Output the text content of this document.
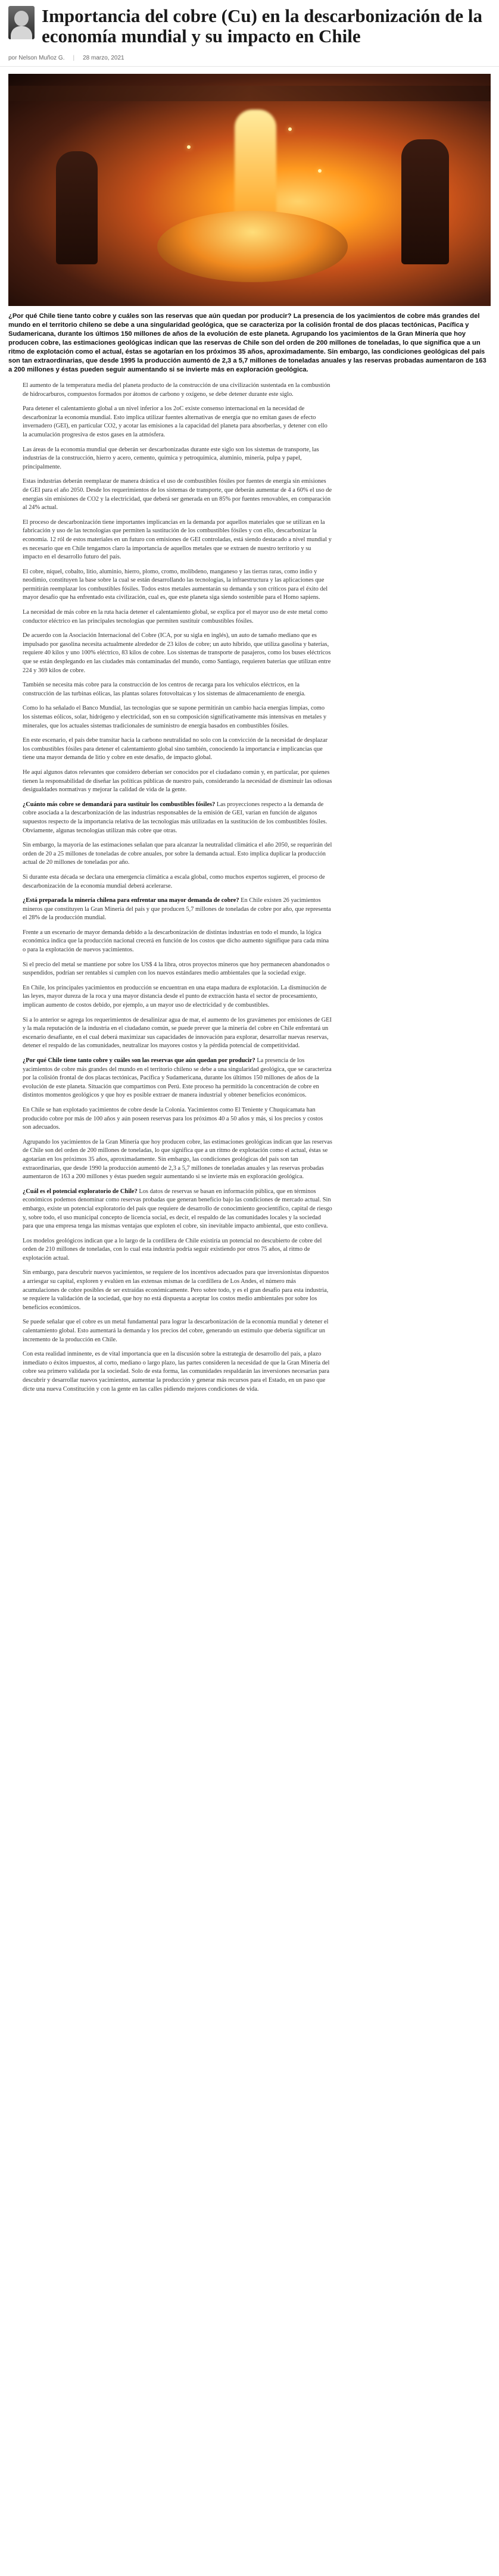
Importancia del cobre (Cu) en la descarbonización de la economía mundial y su impacto en Chile
por Nelson Muñoz G. | 28 marzo, 2021
¿Por qué Chile tiene tanto cobre y cuáles son las reservas que aún quedan por producir? La presencia de los yacimientos de cobre más grandes del mundo en el territorio chileno se debe a una singularidad geológica, que se caracteriza por la colisión frontal de dos placas tectónicas, Pacífica y Sudamericana, durante los últimos 150 millones de años de la evolución de este planeta. Agrupando los yacimientos de la Gran Minería que hoy producen cobre, las estimaciones geológicas indican que las reservas de Chile son del orden de 200 millones de toneladas, lo que significa que a un ritmo de explotación como el actual, éstas se agotarían en los próximos 35 años, aproximadamente. Sin embargo, las condiciones geológicas del país son tan extraordinarias, que desde 1995 la producción aumentó de 2,3 a 5,7 millones de toneladas anuales y las reservas probadas aumentaron de 163 a 200 millones y éstas pueden seguir aumentando si se invierte más en exploración geológica.

El aumento de la temperatura media del planeta producto de la construcción de una civilización sustentada en la combustión de hidrocarburos, compuestos formados por átomos de carbono y oxígeno, se debe detener durante este siglo.

Para detener el calentamiento global a un nivel inferior a los 2oC existe consenso internacional en la necesidad de descarbonizar la economía mundial. Esto implica utilizar fuentes alternativas de energía que no emitan gases de efecto invernadero (GEI), en particular CO2, y acotar las emisiones a la capacidad del planeta para absorberlas, y detener con ello la acumulación progresiva de estos gases en la atmósfera.

Las áreas de la economía mundial que deberán ser descarbonizadas durante este siglo son los sistemas de transporte, las industrias de la construcción, hierro y acero, cemento, química y petroquímica, aluminio, minería, pulpa y papel, principalmente.

Estas industrias deberán reemplazar de manera drástica el uso de combustibles fósiles por fuentes de energía sin emisiones de GEI para el año 2050. Desde los requerimientos de los sistemas de transporte, que deberán aumentar de 4 a 60% el uso de energías sin emisiones de CO2 y la electricidad, que deberá ser generada en un 85% por fuentes renovables, en comparación al 24% actual.

El proceso de descarbonización tiene importantes implicancias en la demanda por aquellos materiales que se utilizan en la fabricación y uso de las tecnologías que permiten la sustitución de los combustibles fósiles y con ello, descarbonizar la economía. 12 ról de estos materiales en un futuro con emisiones de GEI controladas, está siendo destacado a nivel mundial y es necesario que en Chile tengamos claro la importancia de aquellos metales que se extraen de nuestro territorio y su impacto en el desarrollo futuro del país.

El cobre, níquel, cobalto, litio, aluminio, hierro, plomo, cromo, molibdeno, manganeso y las tierras raras, como indio y neodimio, constituyen la base sobre la cual se están desarrollando las tecnologías, la infraestructura y las aplicaciones que permitirán reemplazar los combustibles fósiles. Todos estos metales aumentarán su demanda y son críticos para el éxito del mayor desafío que ha enfrentado esta civilización, cual es, que este planeta siga siendo sostenible para el Homo sapiens.

La necesidad de más cobre en la ruta hacia detener el calentamiento global, se explica por el mayor uso de este metal como conductor eléctrico en las principales tecnologías que permiten sustituir combustibles fósiles.

De acuerdo con la Asociación Internacional del Cobre (ICA, por su sigla en inglés), un auto de tamaño mediano que es impulsado por gasolina necesita actualmente alrededor de 23 kilos de cobre; un auto híbrido, que utiliza gasolina y baterías, requiere 40 kilos y uno 100% eléctrico, 83 kilos de cobre. Los sistemas de transporte de pasajeros, como los buses eléctricos que se están desplegando en las ciudades más contaminadas del mundo, como Santiago, requieren baterías que utilizan entre 224 y 369 kilos de cobre.

También se necesita más cobre para la construcción de los centros de recarga para los vehículos eléctricos, en la construcción de las turbinas eólicas, las plantas solares fotovoltaicas y los sistemas de almacenamiento de energía.

Como lo ha señalado el Banco Mundial, las tecnologías que se supone permitirán un cambio hacia energías limpias, como los sistemas eólicos, solar, hidrógeno y electricidad, son en su composición significativamente más intensivas en metales y minerales, que los actuales sistemas tradicionales de suministro de energía basados en combustibles fósiles.

En este escenario, el país debe transitar hacia la carbono neutralidad no solo con la convicción de la necesidad de desplazar los combustibles fósiles para detener el calentamiento global sino también, conociendo la importancia e implicancias que tiene una mayor demanda de litio y cobre en este desafío, de impacto global.

He aquí algunos datos relevantes que considero deberían ser conocidos por el ciudadano común y, en particular, por quienes tienen la responsabilidad de diseñar las políticas públicas de nuestro país, considerando la necesidad de disminuir las odiosas desigualdades normativas y mejorar la calidad de vida de la gente.

¿Cuánto más cobre se demandará para sustituir los combustibles fósiles? Las proyecciones respecto a la demanda de cobre asociada a la descarbonización de las industrias responsables de la emisión de GEI, varían en función de algunos supuestos respecto de la importancia relativa de las tecnologías más utilizadas en la sustitución de los combustibles fósiles. Obviamente, algunas tecnologías utilizan más cobre que otras.

Sin embargo, la mayoría de las estimaciones señalan que para alcanzar la neutralidad climática el año 2050, se requerirán del orden de 20 a 25 millones de toneladas de cobre anuales, por sobre la demanda actual. Esto implica duplicar la producción actual de 20 millones de toneladas por año.

Si durante esta década se declara una emergencia climática a escala global, como muchos expertos sugieren, el proceso de descarbonización de la economía mundial deberá acelerarse.

¿Está preparada la minería chilena para enfrentar una mayor demanda de cobre? En Chile existen 26 yacimientos mineros que constituyen la Gran Minería del país y que producen 5,7 millones de toneladas de cobre por año, que representa el 28% de la producción mundial.

Frente a un escenario de mayor demanda debido a la descarbonización de distintas industrias en todo el mundo, la lógica económica indica que la producción nacional crecerá en función de los costos que dicho aumento signifique para cada mina o para la explotación de nuevos yacimientos.

Si el precio del metal se mantiene por sobre los US$ 4 la libra, otros proyectos mineros que hoy permanecen abandonados o suspendidos, podrían ser rentables si cumplen con los nuevos estándares medio ambientales que la sociedad exige.

En Chile, los principales yacimientos en producción se encuentran en una etapa madura de explotación. La disminución de las leyes, mayor dureza de la roca y una mayor distancia desde el punto de extracción hasta el sector de procesamiento, implican aumento de costos debido, por ejemplo, a un mayor uso de electricidad y de combustibles.

Si a lo anterior se agrega los requerimientos de desalinizar agua de mar, el aumento de los gravámenes por emisiones de GEI y la mala reputación de la industria en el ciudadano común, se puede prever que la minería del cobre en Chile enfrentará un escenario desafiante, en el cual deberá maximizar sus capacidades de innovación para explorar, desarrollar nuevas reservas, detener el respaldo de las comunidades, neutralizar los mayores costos y la pérdida potencial de competitividad.

¿Por qué Chile tiene tanto cobre y cuáles son las reservas que aún quedan por producir? La presencia de los yacimientos de cobre más grandes del mundo en el territorio chileno se debe a una singularidad geológica, que se caracteriza por la colisión frontal de dos placas tectónicas, Pacífica y Sudamericana, durante los últimos 150 millones de años de la evolución de este planeta. Situación que compartimos con Perú. Este proceso ha permitido la concentración de cobre en distintos momentos geológicos y que hoy es posible extraer de manera industrial y obtener beneficios económicos.

En Chile se han explotado yacimientos de cobre desde la Colonia. Yacimientos como El Teniente y Chuquicamata han producido cobre por más de 100 años y aún poseen reservas para los próximos 40 a 50 años y más, si los precios y costos son adecuados.

Agrupando los yacimientos de la Gran Minería que hoy producen cobre, las estimaciones geológicas indican que las reservas de Chile son del orden de 200 millones de toneladas, lo que significa que a un ritmo de explotación como el actual, éstas se agotarían en los próximos 35 años, aproximadamente. Sin embargo, las condiciones geológicas del país son tan extraordinarias, que desde 1990 la producción aumentó de 2,3 a 5,7 millones de toneladas anuales y las reservas probadas aumentaron de 163 a 200 millones y éstas pueden seguir aumentando si se invierte más en exploración geológica.

¿Cuál es el potencial exploratorio de Chile? Los datos de reservas se basan en información pública, que en términos económicos podemos denominar como reservas probadas que generan beneficio bajo las condiciones de mercado actual. Sin embargo, existe un potencial exploratorio del país que requiere de desarrollo de conocimiento geocientífico, capital de riesgo y, sobre todo, el uso municipal concepto de licencia social, es decir, el respaldo de las comunidades locales y la sociedad para que una empresa tenga las mismas ventajas que exploten el cobre, sin inevitable impacto ambiental, que esto conlleva.

Los modelos geológicos indican que a lo largo de la cordillera de Chile existiría un potencial no descubierto de cobre del orden de 210 millones de toneladas, con lo cual esta industria podría seguir existiendo por otros 75 años, al ritmo de explotación actual.

Sin embargo, para descubrir nuevos yacimientos, se requiere de los incentivos adecuados para que inversionistas dispuestos a arriesgar su capital, exploren y evalúen en las extensas mismas de la cordillera de Los Andes, el número más acumulaciones de cobre posibles de ser extraídas económicamente. Pero sobre todo, y es el gran desafío para esta industria, se requiere la validación de la sociedad, que hoy no está dispuesta a aceptar los costos medio ambientales por sobre los beneficios económicos.

Se puede señalar que el cobre es un metal fundamental para lograr la descarbonización de la economía mundial y detener el calentamiento global. Esto aumentará la demanda y los precios del cobre, generando un estímulo que debería significar un incremento de la producción en Chile.

Con esta realidad inminente, es de vital importancia que en la discusión sobre la estrategia de desarrollo del país, a plazo inmediato o éxitos impuestos, al corto, mediano o largo plazo, las partes consideren la necesidad de que la Gran Minería del cobre sea primero validada por la sociedad. Solo de esta forma, las comunidades respaldarán las inversiones necesarias para descubrir y desarrollar nuevos yacimientos, aumentar la producción y generar más recursos para el Estado, en un paso que dicte una nueva Constitución y con la gente en las calles pidiendo mejores condiciones de vida.
